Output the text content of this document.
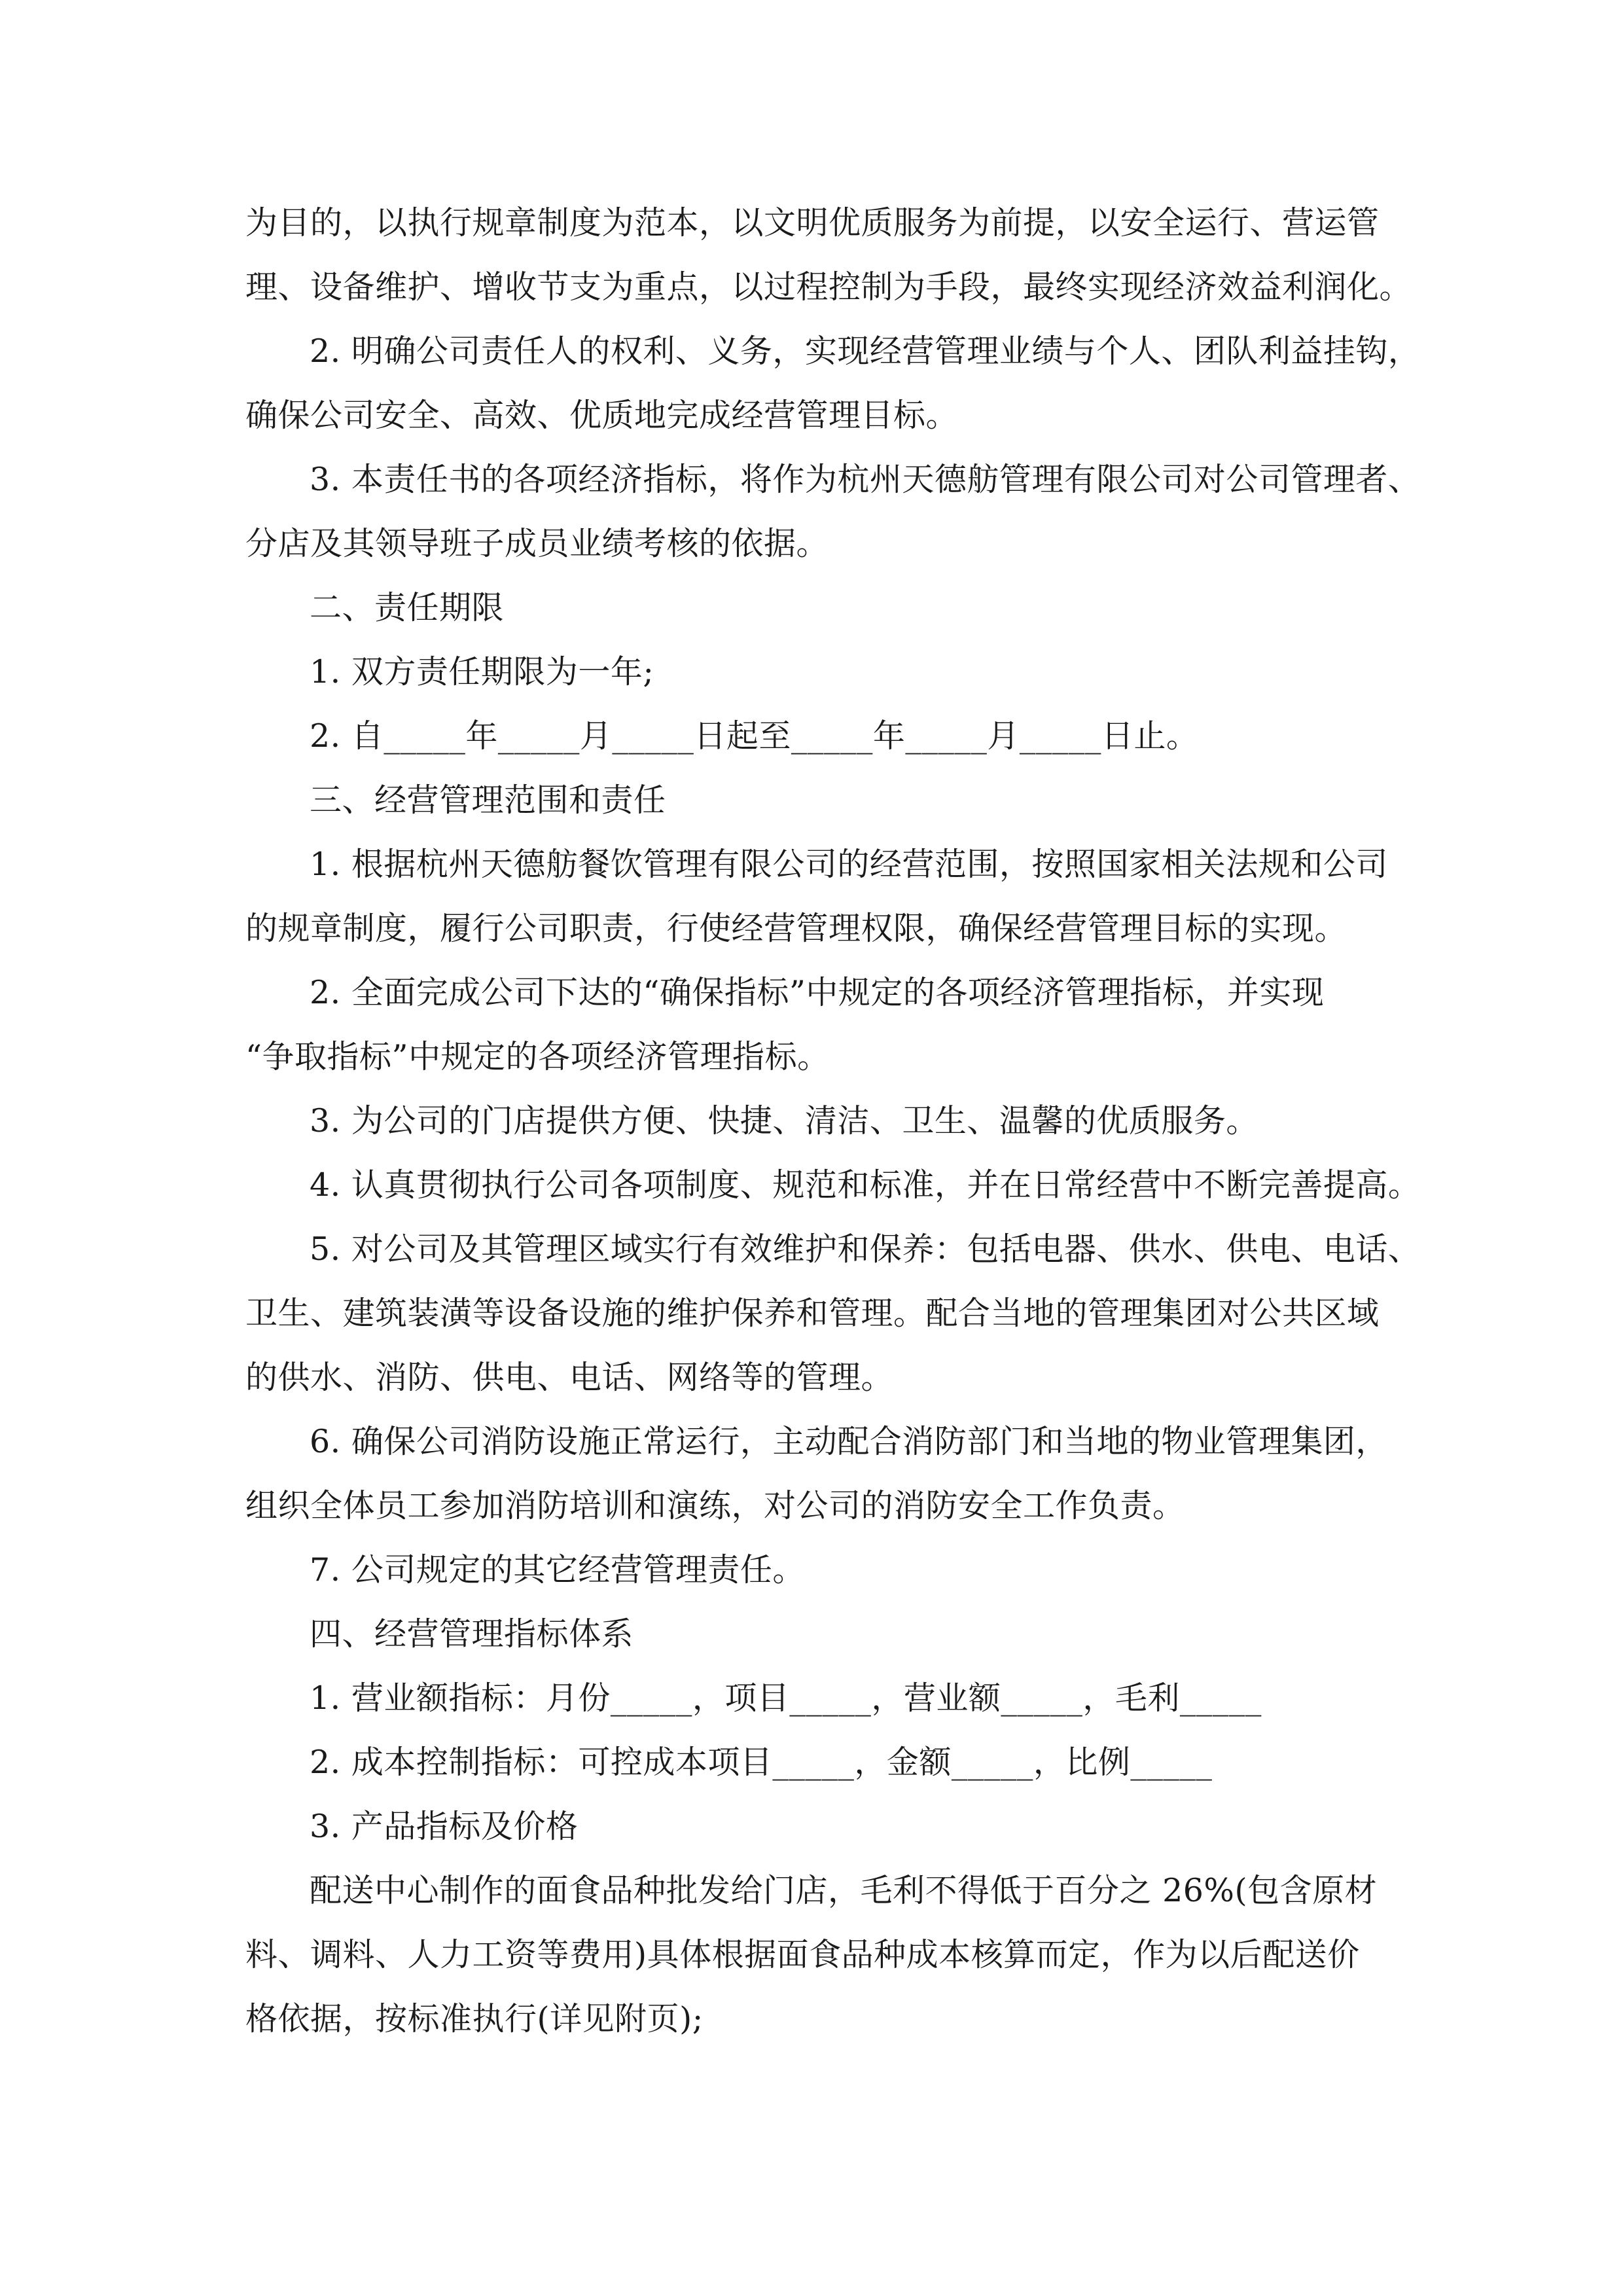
为目的，以执行规章制度为范本，以文明优质服务为前提，以安全运行、营运管
理、设备维护、增收节支为重点，以过程控制为手段，最终实现经济效益利润化。
2. 明确公司责任人的权利、义务，实现经营管理业绩与个人、团队利益挂钩，
确保公司安全、高效、优质地完成经营管理目标。
3. 本责任书的各项经济指标，将作为杭州天德舫管理有限公司对公司管理者、
分店及其领导班子成员业绩考核的依据。
二、责任期限
1. 双方责任期限为一年;
2. 自_____年_____月_____日起至_____年_____月_____日止。
三、经营管理范围和责任
1. 根据杭州天德舫餐饮管理有限公司的经营范围，按照国家相关法规和公司
的规章制度，履行公司职责，行使经营管理权限，确保经营管理目标的实现。
2. 全面完成公司下达的“确保指标”中规定的各项经济管理指标，并实现
“争取指标”中规定的各项经济管理指标。
3. 为公司的门店提供方便、快捷、清洁、卫生、温馨的优质服务。
4. 认真贯彻执行公司各项制度、规范和标准，并在日常经营中不断完善提高。
5. 对公司及其管理区域实行有效维护和保养：包括电器、供水、供电、电话、
卫生、建筑装潢等设备设施的维护保养和管理。配合当地的管理集团对公共区域
的供水、消防、供电、电话、网络等的管理。
6. 确保公司消防设施正常运行，主动配合消防部门和当地的物业管理集团，
组织全体员工参加消防培训和演练，对公司的消防安全工作负责。
7. 公司规定的其它经营管理责任。
四、经营管理指标体系
1. 营业额指标：月份_____，项目_____，营业额_____，毛利_____
2. 成本控制指标：可控成本项目_____，金额_____，比例_____
3. 产品指标及价格
配送中心制作的面食品种批发给门店，毛利不得低于百分之 26%(包含原材
料、调料、人力工资等费用)具体根据面食品种成本核算而定，作为以后配送价
格依据，按标准执行(详见附页);
